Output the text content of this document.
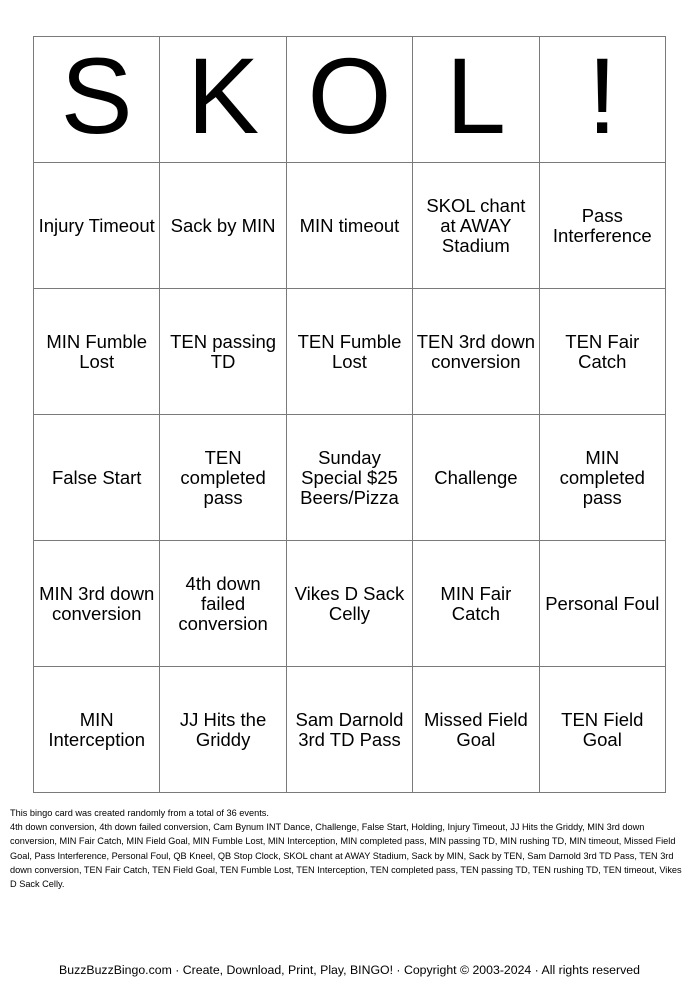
S	K	O	L	!
Injury Timeout	Sack by MIN	MIN timeout	SKOL chant at AWAY Stadium	Pass Interference
MIN Fumble Lost	TEN passing TD	TEN Fumble Lost	TEN 3rd down conversion	TEN Fair Catch
False Start	TEN completed pass	Sunday Special $25 Beers/Pizza	Challenge	MIN completed pass
MIN 3rd down conversion	4th down failed conversion	Vikes D Sack Celly	MIN Fair Catch	Personal Foul
MIN Interception	JJ Hits the Griddy	Sam Darnold 3rd TD Pass	Missed Field Goal	TEN Field Goal

This bingo card was created randomly from a total of 36 events.

4th down conversion, 4th down failed conversion, Cam Bynum INT Dance, Challenge, False Start, Holding, Injury Timeout, JJ Hits the Griddy, MIN 3rd down conversion, MIN Fair Catch, MIN Field Goal, MIN Fumble Lost, MIN Interception, MIN completed pass, MIN passing TD, MIN rushing TD, MIN timeout, Missed Field Goal, Pass Interference, Personal Foul, QB Kneel, QB Stop Clock, SKOL chant at AWAY Stadium, Sack by MIN, Sack by TEN, Sam Darnold 3rd TD Pass, TEN 3rd down conversion, TEN Fair Catch, TEN Field Goal, TEN Fumble Lost, TEN Interception, TEN completed pass, TEN passing TD, TEN rushing TD, TEN timeout, Vikes D Sack Celly.

BuzzBuzzBingo.com · Create, Download, Print, Play, BINGO! · Copyright © 2003-2024 · All rights reserved
